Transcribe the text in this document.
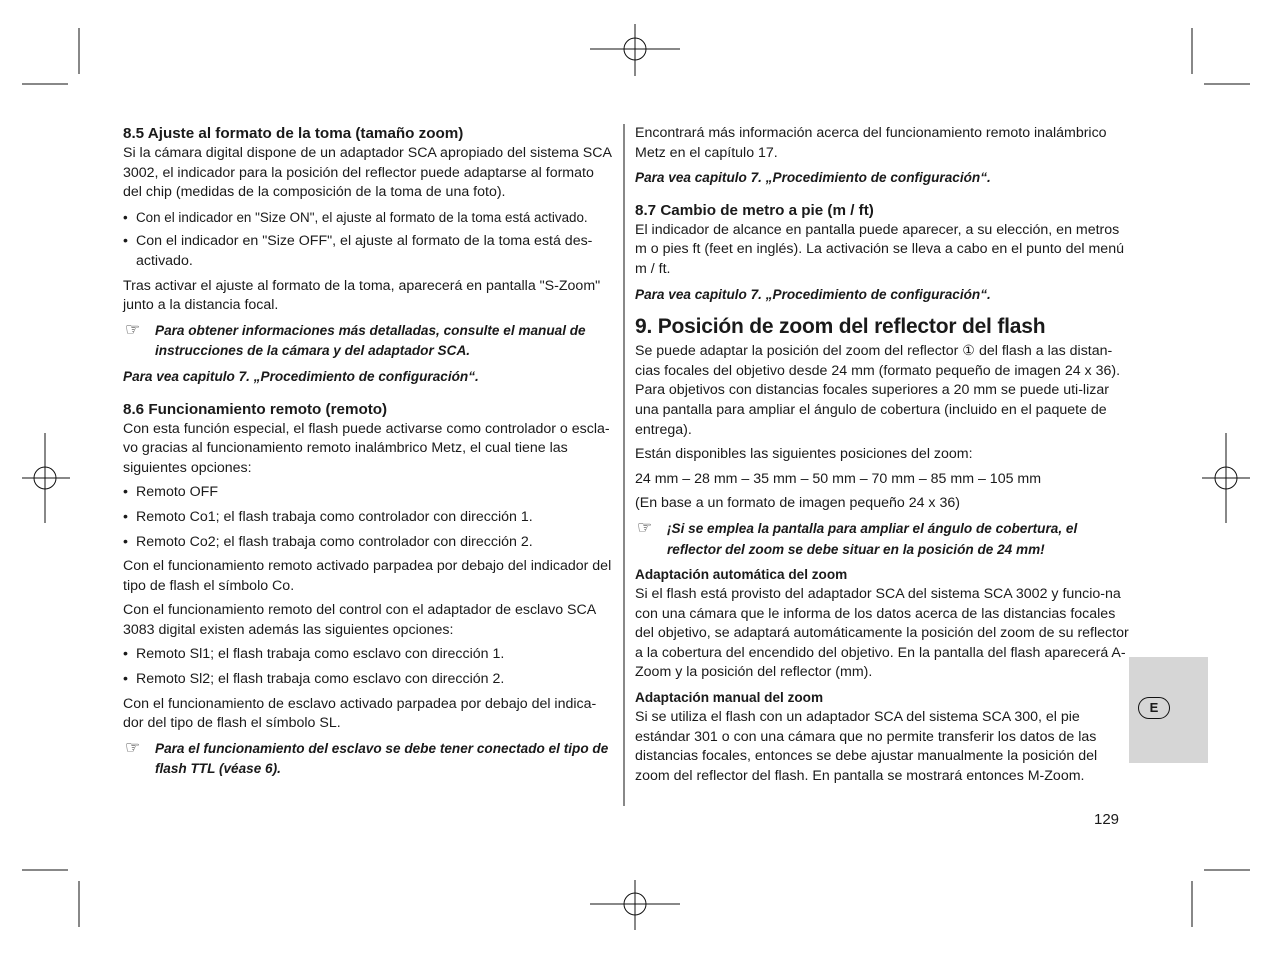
8.5 Ajuste al formato de la toma (tamaño zoom)

Si la cámara digital dispone de un adaptador SCA apropiado del sistema SCA 3002, el indicador para la posición del reflector puede adaptarse al formato del chip (medidas de la composición de la toma de una foto).

• Con el indicador en "Size ON", el ajuste al formato de la toma está activado.
• Con el indicador en "Size OFF", el ajuste al formato de la toma está des-activado.

Tras activar el ajuste al formato de la toma, aparecerá en pantalla "S-Zoom" junto a la distancia focal.

☞ Para obtener informaciones más detalladas, consulte el manual de instrucciones de la cámara y del adaptador SCA.
Para vea capitulo 7. „Procedimiento de configuración“.
8.6 Funcionamiento remoto (remoto)

Con esta función especial, el flash puede activarse como controlador o escla-vo gracias al funcionamiento remoto inalámbrico Metz, el cual tiene las siguientes opciones:

• Remoto OFF
• Remoto Co1; el flash trabaja como controlador con dirección 1.
• Remoto Co2; el flash trabaja como controlador con dirección 2.

Con el funcionamiento remoto activado parpadea por debajo del indicador del tipo de flash el símbolo Co.

Con el funcionamiento remoto del control con el adaptador de esclavo SCA 3083 digital existen además las siguientes opciones:

• Remoto Sl1; el flash trabaja como esclavo con dirección 1.
• Remoto Sl2; el flash trabaja como esclavo con dirección 2.

Con el funcionamiento de esclavo activado parpadea por debajo del indica-dor del tipo de flash el símbolo SL.

☞ Para el funcionamiento del esclavo se debe tener conectado el tipo de flash TTL (véase 6).

Encontrará más información acerca del funcionamiento remoto inalámbrico Metz en el capítulo 17.

Para vea capitulo 7. „Procedimiento de configuración“.
8.7 Cambio de metro a pie (m / ft)

El indicador de alcance en pantalla puede aparecer, a su elección, en metros m o pies ft (feet en inglés). La activación se lleva a cabo en el punto del menú m / ft.

Para vea capitulo 7. „Procedimiento de configuración“.
9. Posición de zoom del reflector del flash

Se puede adaptar la posición del zoom del reflector ① del flash a las distan-cias focales del objetivo desde 24 mm (formato pequeño de imagen 24 x 36). Para objetivos con distancias focales superiores a 20 mm se puede uti-lizar una pantalla para ampliar el ángulo de cobertura (incluido en el paquete de entrega).

Están disponibles las siguientes posiciones del zoom:

24 mm – 28 mm – 35 mm – 50 mm – 70 mm – 85 mm – 105 mm

(En base a un formato de imagen pequeño 24 x 36)

☞ ¡Si se emplea la pantalla para ampliar el ángulo de cobertura, el reflector del zoom se debe situar en la posición de 24 mm!
Adaptación automática del zoom

Si el flash está provisto del adaptador SCA del sistema SCA 3002 y funcio-na con una cámara que le informa de los datos acerca de las distancias focales del objetivo, se adaptará automáticamente la posición del zoom de su reflector a la cobertura del encendido del objetivo. En la pantalla del flash aparecerá A-Zoom y la posición del reflector (mm).

Adaptación manual del zoom

Si se utiliza el flash con un adaptador SCA del sistema SCA 300, el pie estándar 301 o con una cámara que no permite transferir los datos de las distancias focales, entonces se debe ajustar manualmente la posición del zoom del reflector del flash. En pantalla se mostrará entonces M-Zoom.

E
129
